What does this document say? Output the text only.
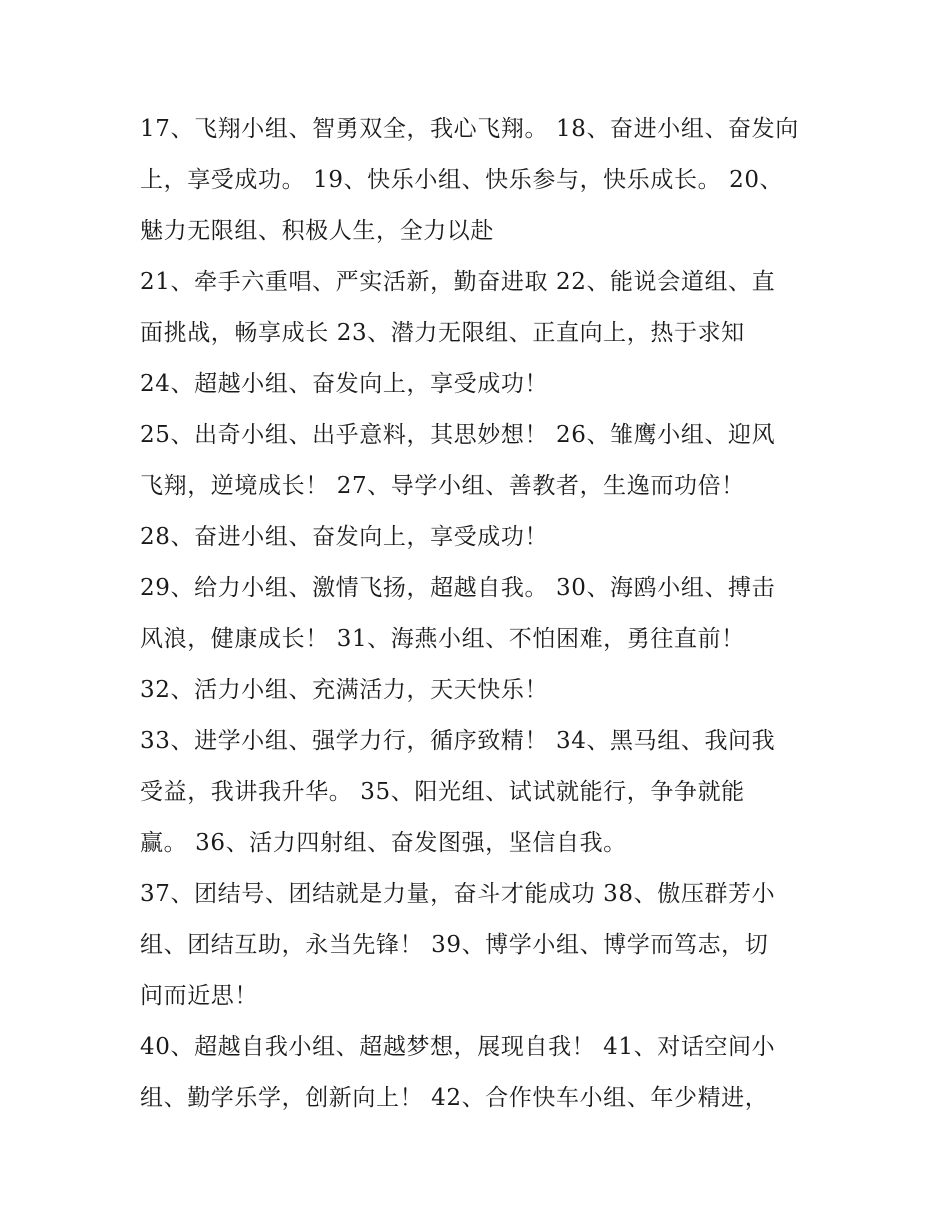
17、飞翔小组、智勇双全，我心飞翔。 18、奋进小组、奋发向
上，享受成功。 19、快乐小组、快乐参与，快乐成长。 20、
魅力无限组、积极人生，全力以赴
21、牵手六重唱、严实活新，勤奋进取 22、能说会道组、直
面挑战，畅享成长 23、潜力无限组、正直向上，热于求知
24、超越小组、奋发向上，享受成功！
25、出奇小组、出乎意料，其思妙想！ 26、雏鹰小组、迎风
飞翔，逆境成长！ 27、导学小组、善教者，生逸而功倍！
28、奋进小组、奋发向上，享受成功！
29、给力小组、激情飞扬，超越自我。 30、海鸥小组、搏击
风浪，健康成长！ 31、海燕小组、不怕困难，勇往直前！
32、活力小组、充满活力，天天快乐！
33、进学小组、强学力行，循序致精！ 34、黑马组、我问我
受益，我讲我升华。 35、阳光组、试试就能行，争争就能
赢。 36、活力四射组、奋发图强，坚信自我。
37、团结号、团结就是力量，奋斗才能成功 38、傲压群芳小
组、团结互助，永当先锋！ 39、博学小组、博学而笃志，切
问而近思！
40、超越自我小组、超越梦想，展现自我！ 41、对话空间小
组、勤学乐学，创新向上！ 42、合作快车小组、年少精进，
